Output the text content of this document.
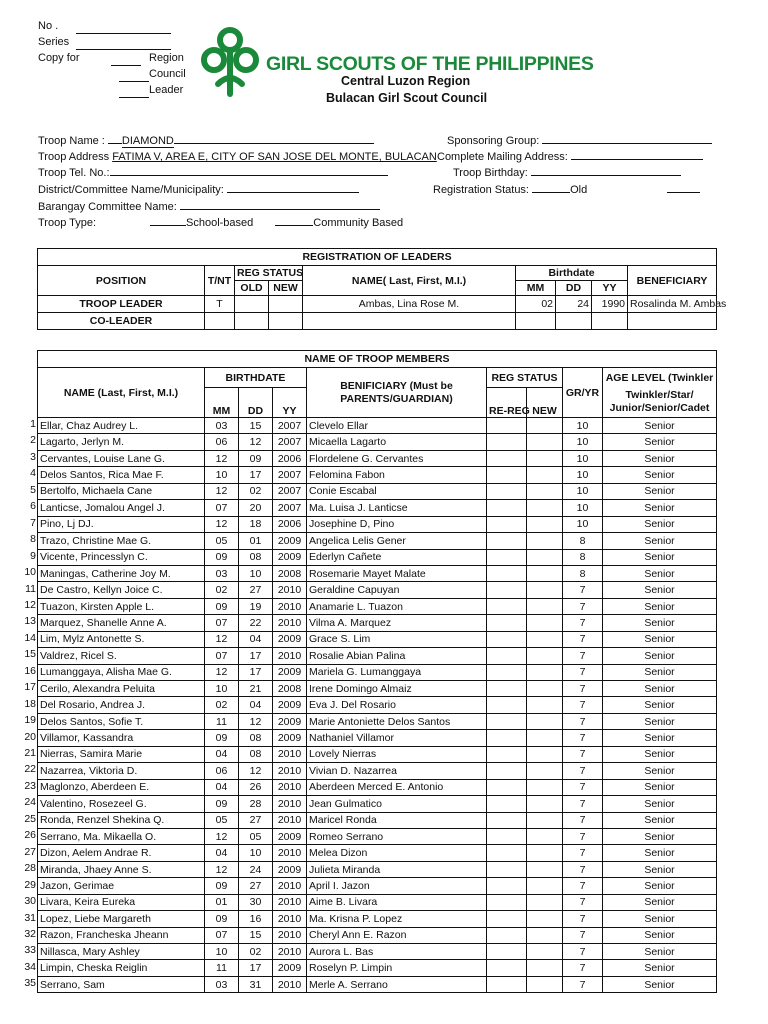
No .
Series
Copy for	Region
Council
Leader
GIRL SCOUTS OF THE PHILIPPINES
Central Luzon Region
Bulacan Girl Scout Council
Troop Name : DIAMOND
Troop Address FATIMA V, AREA E, CITY OF SAN JOSE DEL MONTE, BULACAN
Troop Tel. No.:
District/Committee Name/Municipality:
Barangay Committee Name:
Troop Type:	School-based	Community Based
Sponsoring Group:
Complete Mailing Address:
Troop Birthday:
Registration Status:	Old
REGISTRATION OF LEADERS								
POSITION	T/NT	REG STATUS		NAME( Last, First, M.I.)	Birthdate			BENEFICIARY
		OLD	NEW		MM	DD	YY	
TROOP LEADER	T			Ambas, Lina Rose M.	02	24	1990	Rosalinda M. Ambas
CO-LEADER								
NAME OF TROOP MEMBERS								
NAME (Last, First, M.I.)	BIRTHDATE			BENIFICIARY (Must be PARENTS/GUARDIAN)	REG STATUS		GR/YR	AGE LEVEL (Twinkler
	MM	DD	YY		RE-REG	NEW		Twinkler/Star/ Junior/Senior/Cadet

Ellar, Chaz Audrey L.	03	15	2007	Clevelo Ellar			10	Senior
Lagarto, Jerlyn M.	06	12	2007	Micaella Lagarto			10	Senior
Cervantes, Louise Lane G.	12	09	2006	Flordelene G. Cervantes			10	Senior
Delos Santos, Rica Mae F.	10	17	2007	Felomina Fabon			10	Senior
Bertolfo, Michaela Cane	12	02	2007	Conie Escabal			10	Senior
Lanticse, Jomalou Angel J.	07	20	2007	Ma. Luisa J. Lanticse			10	Senior
Pino, Lj DJ.	12	18	2006	Josephine D, Pino			10	Senior
Trazo, Christine Mae G.	05	01	2009	Angelica Lelis Gener			8	Senior
Vicente, Princesslyn C.	09	08	2009	Ederlyn Cañete			8	Senior
Maningas, Catherine Joy M.	03	10	2008	Rosemarie Mayet Malate			8	Senior
De Castro, Kellyn Joice C.	02	27	2010	Geraldine Capuyan			7	Senior
Tuazon, Kirsten Apple L.	09	19	2010	Anamarie L. Tuazon			7	Senior
Marquez, Shanelle Anne A.	07	22	2010	Vilma A. Marquez			7	Senior
Lim, Mylz Antonette S.	12	04	2009	Grace S. Lim			7	Senior
Valdrez, Ricel S.	07	17	2010	Rosalie Abian Palina			7	Senior
Lumanggaya, Alisha Mae G.	12	17	2009	Mariela G. Lumanggaya			7	Senior
Cerilo, Alexandra Peluita	10	21	2008	Irene Domingo Almaiz			7	Senior
Del Rosario, Andrea J.	02	04	2009	Eva J. Del Rosario			7	Senior
Delos Santos, Sofie T.	11	12	2009	Marie Antoniette Delos Santos			7	Senior
Villamor, Kassandra	09	08	2009	Nathaniel Villamor			7	Senior
Nierras, Samira Marie	04	08	2010	Lovely Nierras			7	Senior
Nazarrea, Viktoria D.	06	12	2010	Vivian D. Nazarrea			7	Senior
Maglonzo, Aberdeen E.	04	26	2010	Aberdeen Merced E. Antonio			7	Senior
Valentino, Rosezeel G.	09	28	2010	Jean Gulmatico			7	Senior
Ronda, Renzel Shekina Q.	05	27	2010	Maricel Ronda			7	Senior
Serrano, Ma. Mikaella O.	12	05	2009	Romeo Serrano			7	Senior
Dizon, Aelem Andrae R.	04	10	2010	Melea Dizon			7	Senior
Miranda, Jhaey Anne S.	12	24	2009	Julieta Miranda			7	Senior
Jazon, Gerimae	09	27	2010	April I. Jazon			7	Senior
Livara, Keira Eureka	01	30	2010	Aime B. Livara			7	Senior
Lopez, Liebe Margareth	09	16	2010	Ma. Krisna P. Lopez			7	Senior
Razon, Francheska Jheann	07	15	2010	Cheryl Ann E. Razon			7	Senior
Nillasca, Mary Ashley	10	02	2010	Aurora L. Bas			7	Senior
Limpin, Cheska Reiglin	11	17	2009	Roselyn P. Limpin			7	Senior
Serrano, Sam	03	31	2010	Merle A. Serrano			7	Senior
1
2
3
4
5
6
7
8
9
10
11
12
13
14
15
16
17
18
19
20
21
22
23
24
25
26
27
28
29
30
31
32
33
34
35
